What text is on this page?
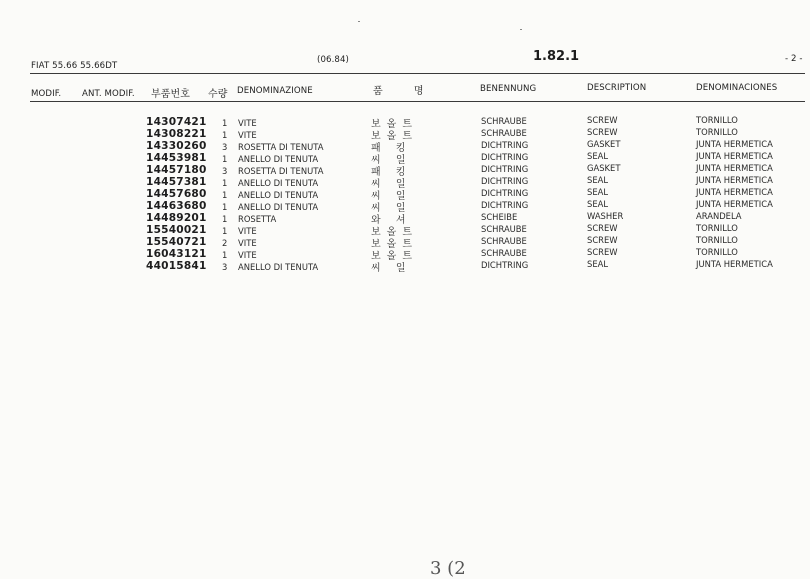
FIAT 55.66 55.66DT
(06.84)	1.82.1	- 2 -
MODIF. ANT. MODIF. 부품번호 수량 DENOMINAZIONE	품 명	BENENNUNG	DESCRIPTION	DENOMINACIONES
14307421 1 VITE	보올트	SCHRAUBE	SCREW	TORNILLO
14308221 1 VITE	보올트	SCHRAUBE	SCREW	TORNILLO
14330260 3 ROSETTA DI TENUTA	패 킹	DICHTRING	GASKET	JUNTA HERMETICA
14453981 1 ANELLO DI TENUTA	씨 일	DICHTRING	SEAL	JUNTA HERMETICA
14457180 3 ROSETTA DI TENUTA	패 킹	DICHTRING	GASKET	JUNTA HERMETICA
14457381 1 ANELLO DI TENUTA	씨 일	DICHTRING	SEAL	JUNTA HERMETICA
14457680 1 ANELLO DI TENUTA	씨 일	DICHTRING	SEAL	JUNTA HERMETICA
14463680 1 ANELLO DI TENUTA	씨 일	DICHTRING	SEAL	JUNTA HERMETICA
14489201 1 ROSETTA	와 셔	SCHEIBE	WASHER	ARANDELA
15540021 1 VITE	보올트	SCHRAUBE	SCREW	TORNILLO
15540721 2 VITE	보올트	SCHRAUBE	SCREW	TORNILLO
16043121 1 VITE	보올트	SCHRAUBE	SCREW	TORNILLO
44015841 3 ANELLO DI TENUTA	씨 일	DICHTRING	SEAL	JUNTA HERMETICA
3 (2
